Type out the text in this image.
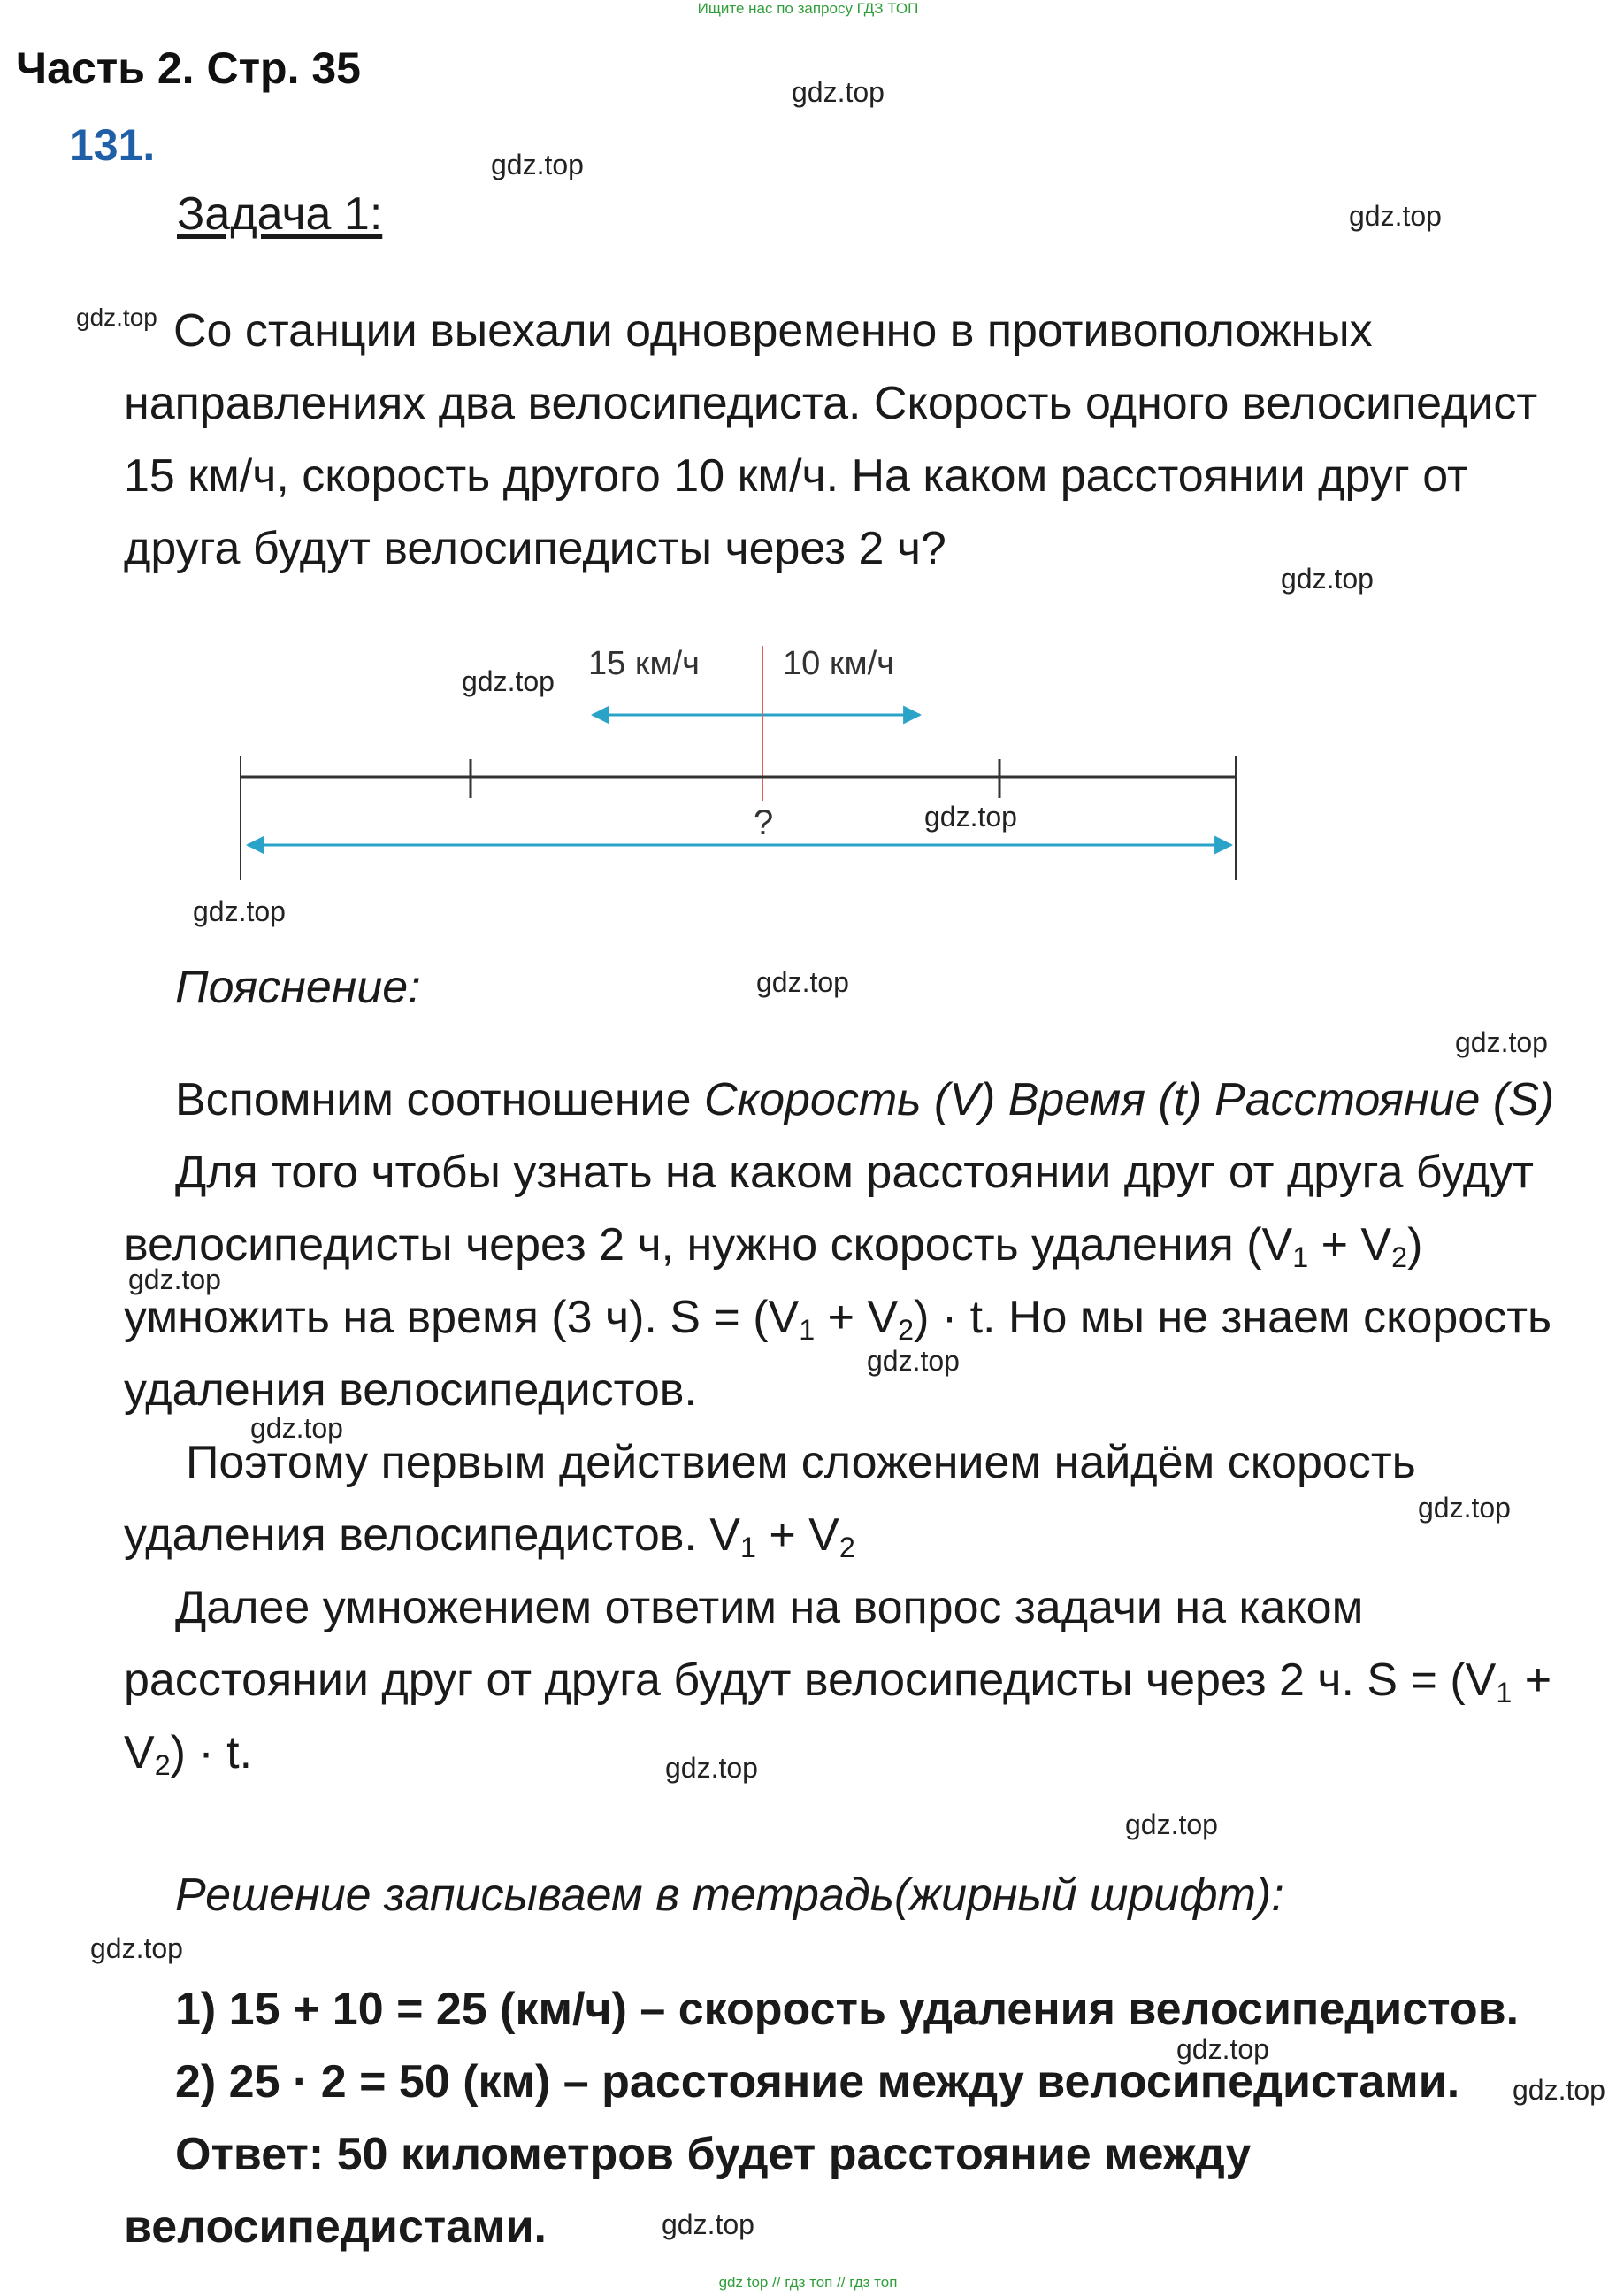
Ищите нас по запросу ГДЗ ТОП
Часть 2. Стр. 35
131.
Задача 1:
gdz.top
gdz.top
gdz.top
gdz.top
gdz.top
gdz.top
gdz.top
gdz.top
gdz.top
gdz.top
gdz.top
gdz.top
gdz.top
gdz.top
gdz.top
gdz.top
gdz.top
gdz.top
gdz.top
gdz.top
Со станции выехали одновременно в противоположных
направлениях два велосипедиста. Скорость одного велосипедист
15 км/ч, скорость другого 10 км/ч. На каком расстоянии друг от
друга будут велосипедисты через 2 ч?
15 км/ч 10 км/ч
?
Пояснение:
Вспомним соотношение Скорость (V) Время (t) Расстояние (S)
Для того чтобы узнать на каком расстоянии друг от друга будут
велосипедисты через 2 ч, нужно скорость удаления $(V_1 + V_2)$
умножить на время (3 ч). $S = (V_1 + V_2) \cdot t$. Но мы не знаем скорость
удаления велосипедистов.
Поэтому первым действием сложением найдём скорость
удаления велосипедистов. $V_1 + V_2$
Далее умножением ответим на вопрос задачи на каком
расстоянии друг от друга будут велосипедисты через 2 ч. $S = (V_1$ +
$V_2) \cdot t$.
Решение записываем в тетрадь(жирный шрифт):
1) 15 + 10 = 25 (км/ч) – скорость удаления велосипедистов.
2) 25 · 2 = 50 (км) – расстояние между велосипедистами.
Ответ: 50 километров будет расстояние между
велосипедистами.
gdz top // гдз топ // гдз топ
